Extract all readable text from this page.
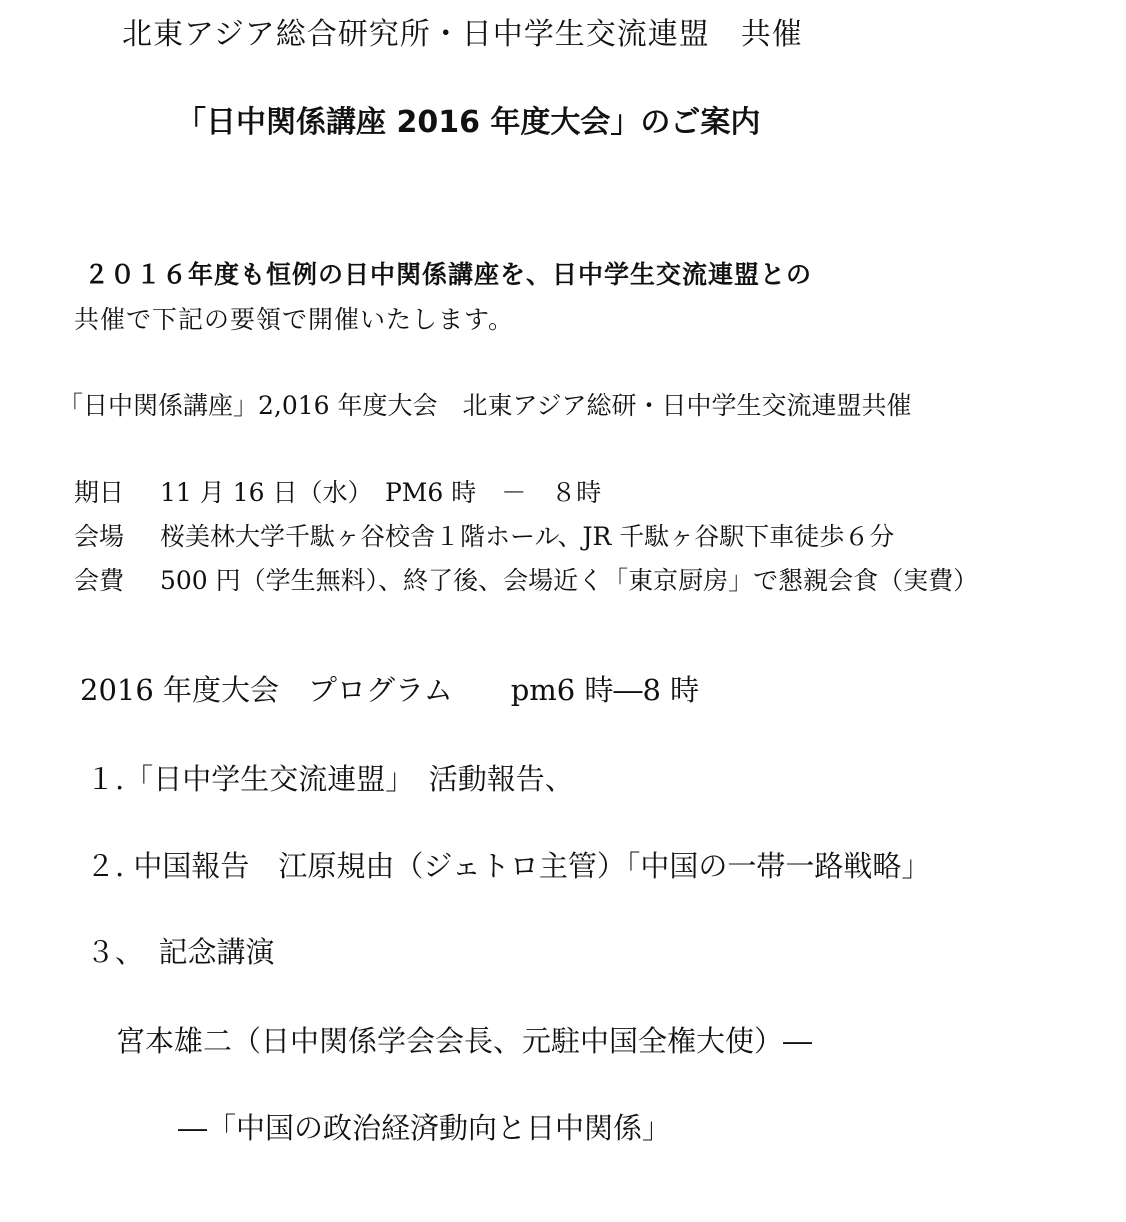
北東アジア総合研究所・日中学生交流連盟　共催
「日中関係講座 2016 年度大会」のご案内
２０１６年度も恒例の日中関係講座を、日中学生交流連盟との
共催で下記の要領で開催いたします。
「日中関係講座」2,016 年度大会　北東アジア総研・日中学生交流連盟共催
期日 11 月 16 日（水）　PM6 時　－　８時
会場 桜美林大学千駄ヶ谷校舎１階ホール、JR 千駄ヶ谷駅下車徒歩６分
会費 500 円（学生無料）、終了後、会場近く「東京厨房」で懇親会食（実費）
2016 年度大会　プログラム　　pm6 時―8 時
１.「日中学生交流連盟」　活動報告、
２. 中国報告　江原規由（ジェトロ主管）「中国の一帯一路戦略」
３、　記念講演
宮本雄二（日中関係学会会長、元駐中国全権大使）―
―「中国の政治経済動向と日中関係」
